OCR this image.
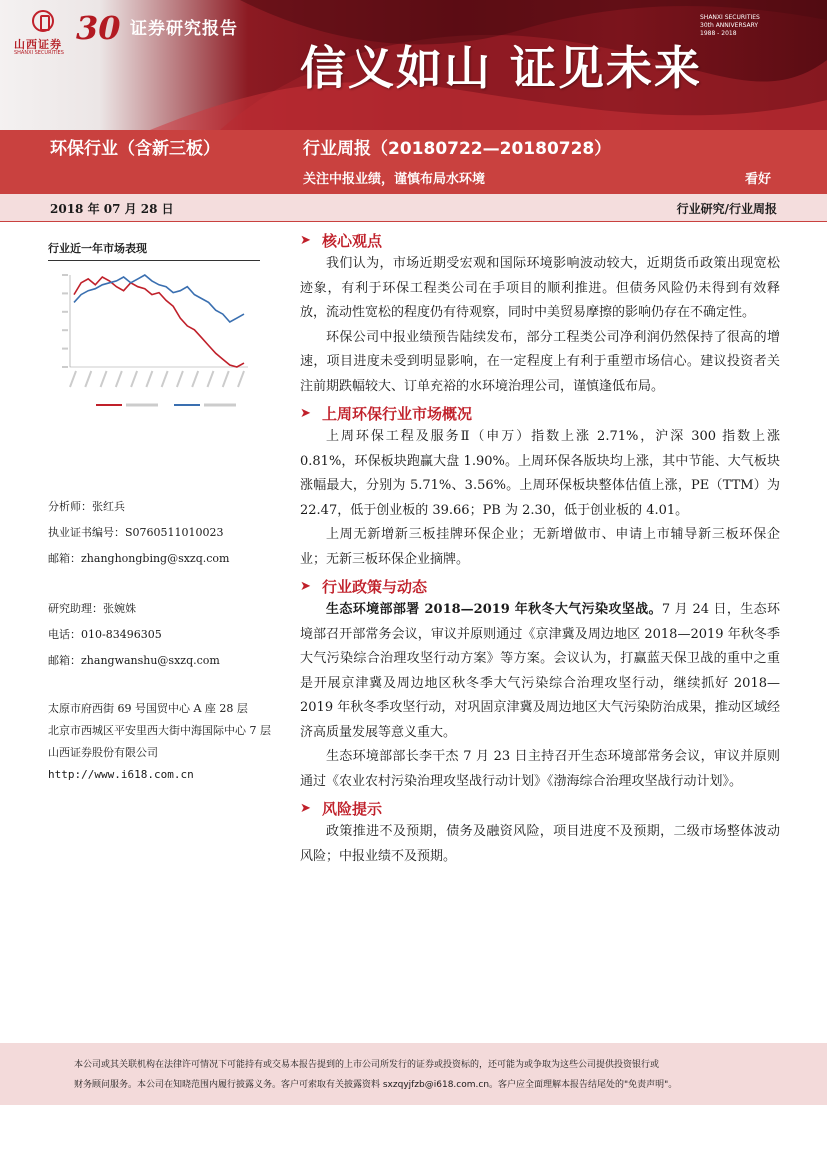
山西证券
SHANXI SECURITIES
30 证券研究报告
信义如山 证见未来
SHANXI SECURITIES
30th ANNIVERSARY
1988 - 2018
环保行业（含新三板）	行业周报（20180722—20180728）
关注中报业绩，谨慎布局水环境	看好
2018 年 07 月 28 日	行业研究/行业周报
行业近一年市场表现
分析师：张红兵
执业证书编号：S0760511010023
邮箱：zhanghongbing@sxzq.com
研究助理：张婉姝
电话：010-83496305
邮箱：zhangwanshu@sxzq.com
太原市府西街 69 号国贸中心 A 座 28 层
北京市西城区平安里西大街中海国际中心 7 层
山西证券股份有限公司
http://www.i618.com.cn
➤ 核心观点

我们认为，市场近期受宏观和国际环境影响波动较大，近期货币政策出现宽松迹象，有利于环保工程类公司在手项目的顺利推进。但债务风险仍未得到有效释放，流动性宽松的程度仍有待观察，同时中美贸易摩擦的影响仍存在不确定性。

环保公司中报业绩预告陆续发布，部分工程类公司净利润仍然保持了很高的增速，项目进度未受到明显影响，在一定程度上有利于重塑市场信心。建议投资者关注前期跌幅较大、订单充裕的水环境治理公司，谨慎逢低布局。

➤ 上周环保行业市场概况

上周环保工程及服务Ⅱ（申万）指数上涨 2.71%，沪深 300 指数上涨 0.81%，环保板块跑赢大盘 1.90%。上周环保各版块均上涨，其中节能、大气板块涨幅最大，分别为 5.71%、3.56%。上周环保板块整体估值上涨，PE（TTM）为 22.47，低于创业板的 39.66；PB 为 2.30，低于创业板的 4.01。

上周无新增新三板挂牌环保企业；无新增做市、申请上市辅导新三板环保企业；无新三板环保企业摘牌。

➤ 行业政策与动态

生态环境部部署 2018—2019 年秋冬大气污染攻坚战。7 月 24 日，生态环境部召开部常务会议，审议并原则通过《京津冀及周边地区 2018—2019 年秋冬季大气污染综合治理攻坚行动方案》等方案。会议认为，打赢蓝天保卫战的重中之重是开展京津冀及周边地区秋冬季大气污染综合治理攻坚行动，继续抓好 2018—2019 年秋冬季攻坚行动，对巩固京津冀及周边地区大气污染防治成果，推动区域经济高质量发展等意义重大。

生态环境部部长李干杰 7 月 23 日主持召开生态环境部常务会议，审议并原则通过《农业农村污染治理攻坚战行动计划》《渤海综合治理攻坚战行动计划》。

➤ 风险提示

政策推进不及预期，债务及融资风险，项目进度不及预期，二级市场整体波动风险；中报业绩不及预期。

本公司或其关联机构在法律许可情况下可能持有或交易本报告提到的上市公司所发行的证券或投资标的，还可能为或争取为这些公司提供投资银行或
财务顾问服务。本公司在知晓范围内履行披露义务。客户可索取有关披露资料 sxzqyjfzb@i618.com.cn。客户应全面理解本报告结尾处的"免责声明"。
